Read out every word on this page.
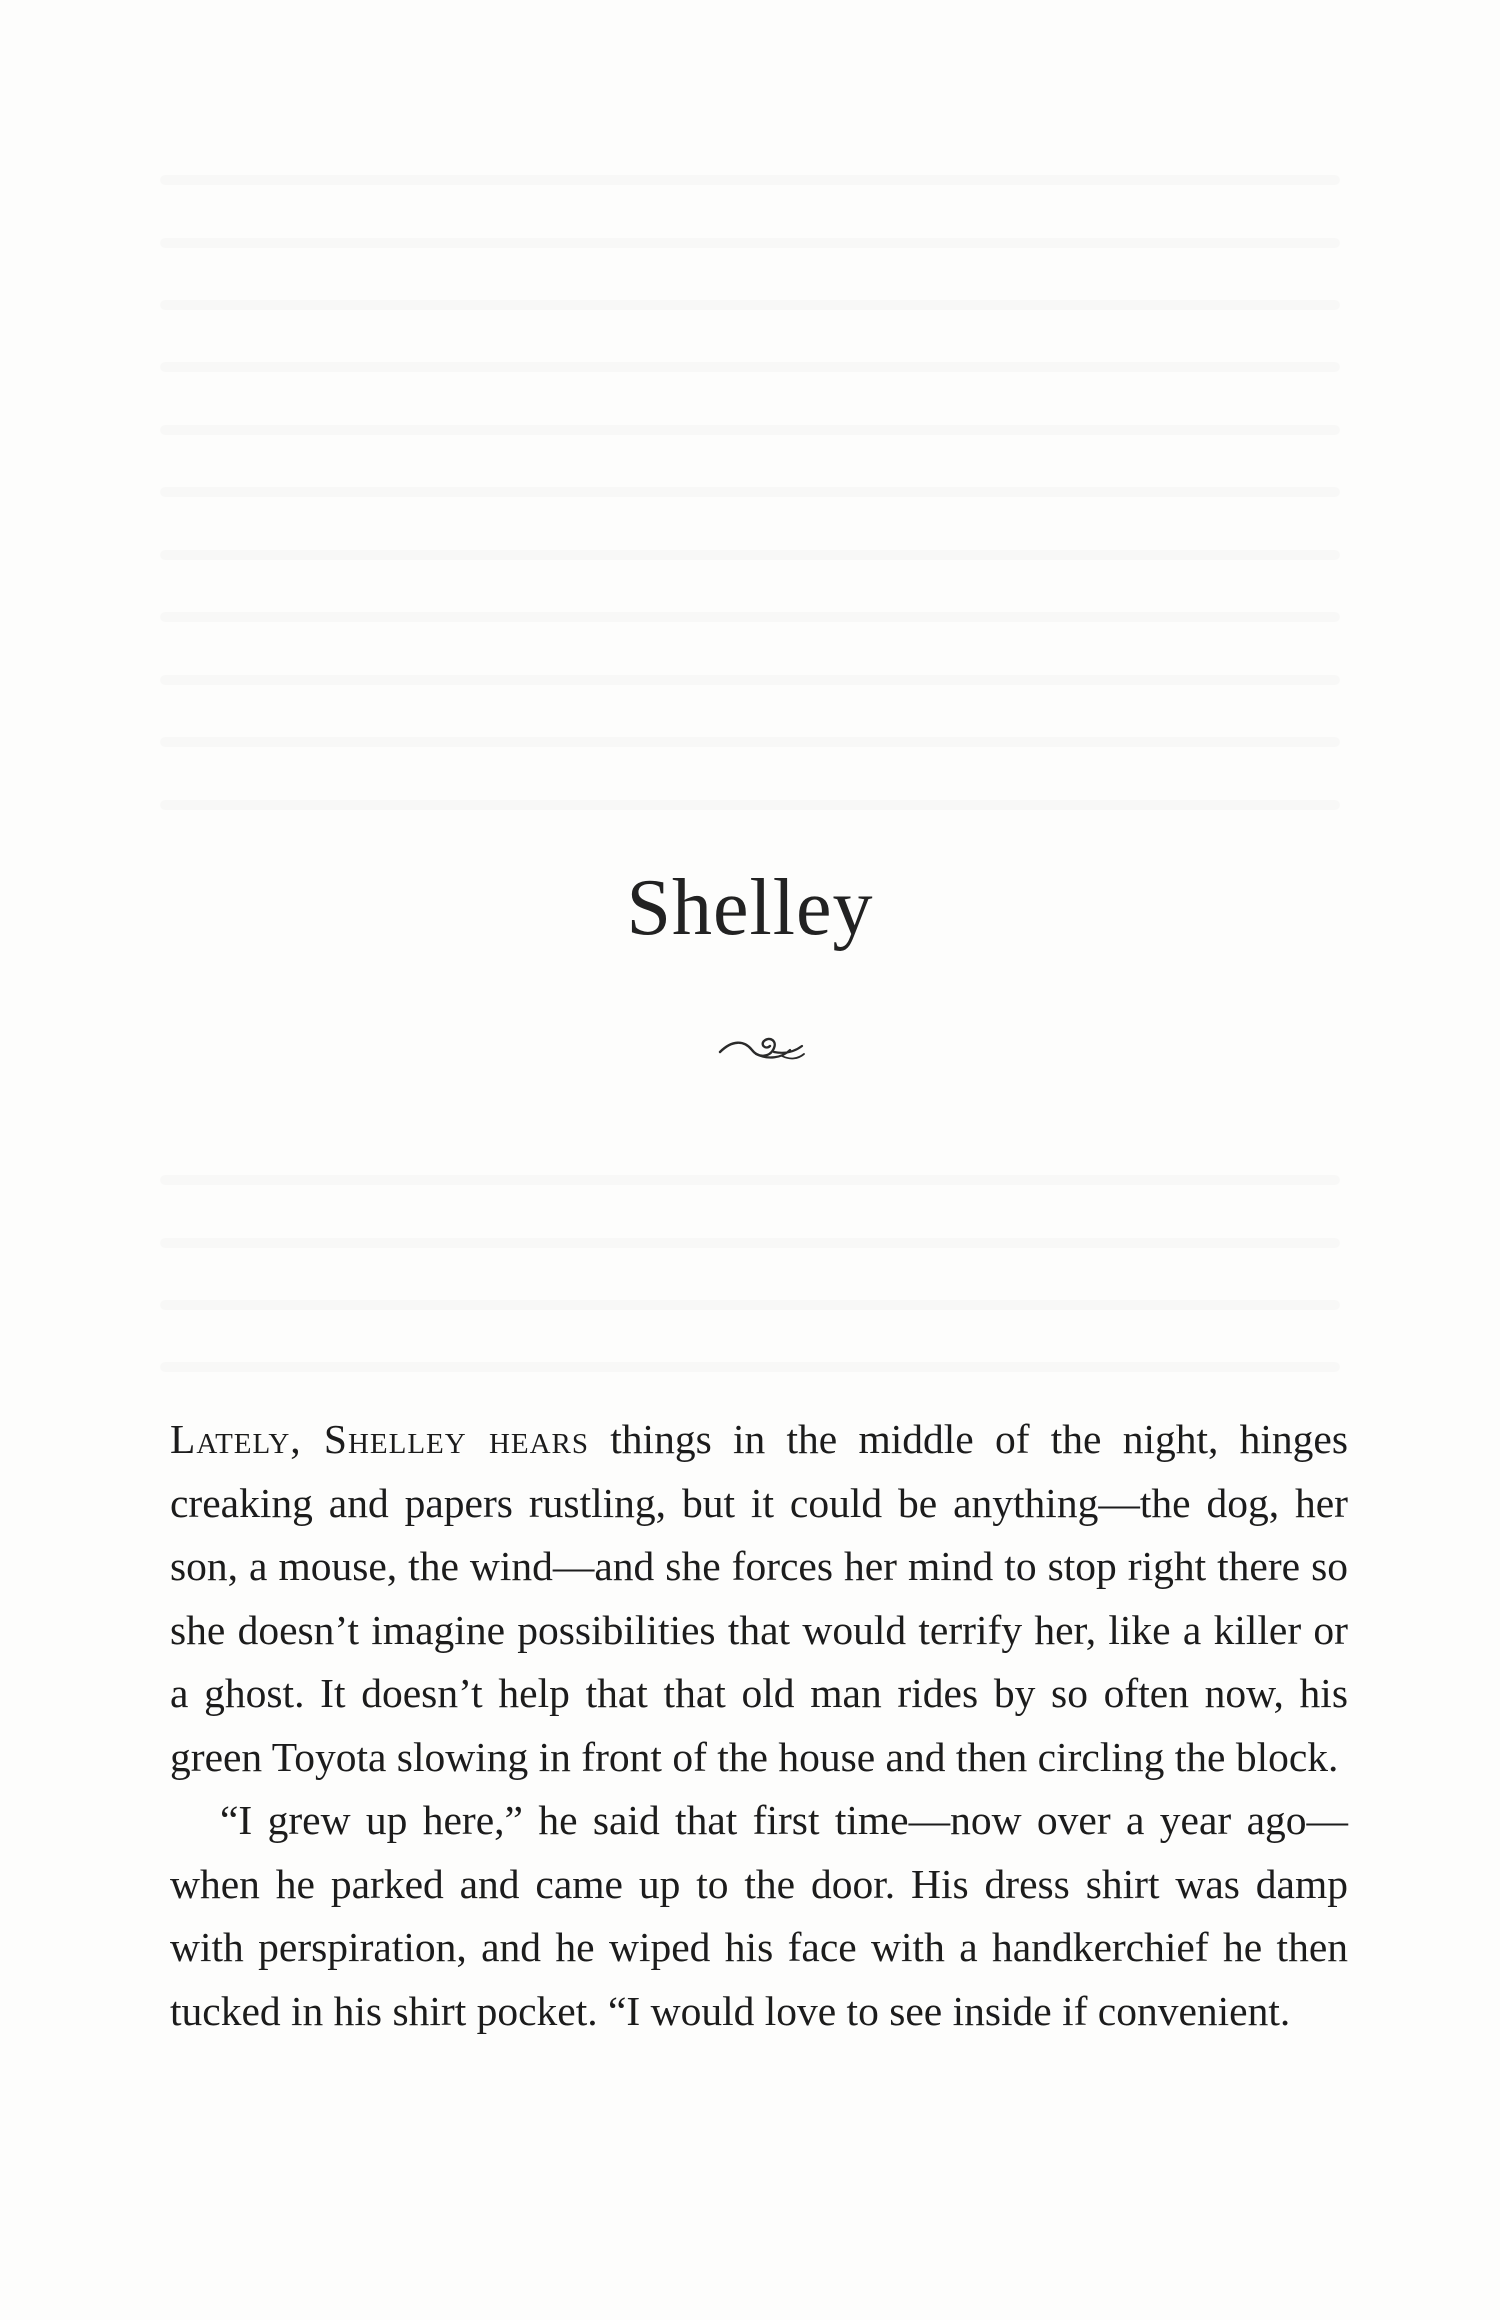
Shelley

Lately, Shelley hears things in the middle of the night, hinges creaking and papers rustling, but it could be anything—the dog, her son, a mouse, the wind—and she forces her mind to stop right there so she doesn’t imagine possibilities that would terrify her, like a killer or a ghost. It doesn’t help that that old man rides by so often now, his green Toyota slowing in front of the house and then circling the block.

“I grew up here,” he said that first time—now over a year ago—when he parked and came up to the door. His dress shirt was damp with perspiration, and he wiped his face with a handkerchief he then tucked in his shirt pocket. “I would love to see inside if convenient.
